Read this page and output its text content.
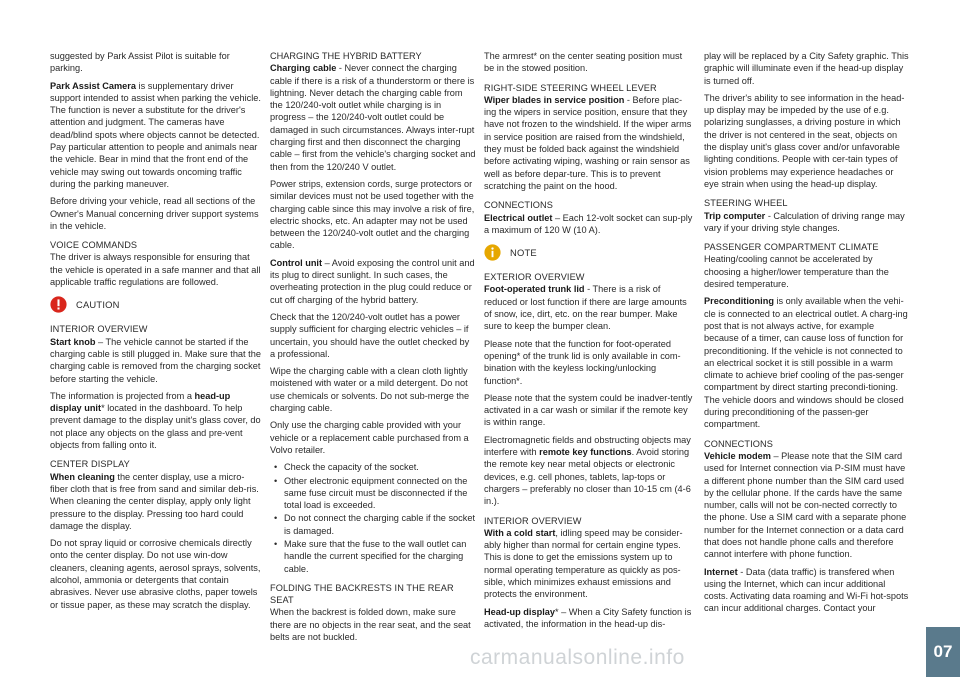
suggested by Park Assist Pilot is suitable for parking.

Park Assist Camera is supplementary driver support intended to assist when parking the vehicle. The function is never a substitute for the driver's attention and judgment. The cameras have dead/blind spots where objects cannot be detected. Pay particular attention to people and animals near the vehicle. Bear in mind that the front end of the vehicle may swing out towards oncoming traffic during the parking maneuver.

Before driving your vehicle, read all sections of the Owner's Manual concerning driver support systems in the vehicle.

VOICE COMMANDS

The driver is always responsible for ensuring that the vehicle is operated in a safe manner and that all applicable traffic regulations are followed.

CAUTION
INTERIOR OVERVIEW

Start knob – The vehicle cannot be started if the charging cable is still plugged in. Make sure that the charging cable is removed from the charging socket before starting the vehicle.

The information is projected from a head-up display unit* located in the dashboard. To help prevent damage to the display unit's glass cover, do not place any objects on the glass and pre-vent objects from falling onto it.

CENTER DISPLAY

When cleaning the center display, use a micro-fiber cloth that is free from sand and similar deb-ris. When cleaning the center display, apply only light pressure to the display. Pressing too hard could damage the display.

Do not spray liquid or corrosive chemicals directly onto the center display. Do not use win-dow cleaners, cleaning agents, aerosol sprays, solvents, alcohol, ammonia or detergents that contain abrasives. Never use abrasive cloths, paper towels or tissue paper, as these may scratch the display.

CHARGING THE HYBRID BATTERY

Charging cable - Never connect the charging cable if there is a risk of a thunderstorm or there is lightning. Never detach the charging cable from the 120/240-volt outlet while charging is in progress – the 120/240-volt outlet could be damaged in such circumstances. Always inter-rupt charging first and then disconnect the charging cable – first from the vehicle's charging socket and then from the 120/240 V outlet.

Power strips, extension cords, surge protectors or similar devices must not be used together with the charging cable since this may involve a risk of fire, electric shocks, etc. An adapter may not be used between the 120/240-volt outlet and the charging cable.

Control unit – Avoid exposing the control unit and its plug to direct sunlight. In such cases, the overheating protection in the plug could reduce or cut off charging of the hybrid battery.

Check that the 120/240-volt outlet has a power supply sufficient for charging electric vehicles – if uncertain, you should have the outlet checked by a professional.

Wipe the charging cable with a clean cloth lightly moistened with water or a mild detergent. Do not use chemicals or solvents. Do not sub-merge the charging cable.

Only use the charging cable provided with your vehicle or a replacement cable purchased from a Volvo retailer.

• Check the capacity of the socket.
• Other electronic equipment connected on the same fuse circuit must be disconnected if the total load is exceeded.
• Do not connect the charging cable if the socket is damaged.
• Make sure that the fuse to the wall outlet can handle the current specified for the charging cable.
FOLDING THE BACKRESTS IN THE REAR SEAT

When the backrest is folded down, make sure there are no objects in the rear seat, and the seat belts are not buckled.

The armrest* on the center seating position must be in the stowed position.

RIGHT-SIDE STEERING WHEEL LEVER

Wiper blades in service position - Before plac-ing the wipers in service position, ensure that they have not frozen to the windshield. If the wiper arms in service position are raised from the windshield, they must be folded back against the windshield before activating wiping, washing or rain sensor as well as before depar-ture. This is to prevent scratching the paint on the hood.

CONNECTIONS

Electrical outlet – Each 12-volt socket can sup-ply a maximum of 120 W (10 A).

NOTE
EXTERIOR OVERVIEW

Foot-operated trunk lid - There is a risk of reduced or lost function if there are large amounts of snow, ice, dirt, etc. on the rear bumper. Make sure to keep the bumper clean.

Please note that the function for foot-operated opening* of the trunk lid is only available in com-bination with the keyless locking/unlocking function*.

Please note that the system could be inadver-tently activated in a car wash or similar if the remote key is within range.

Electromagnetic fields and obstructing objects may interfere with remote key functions. Avoid storing the remote key near metal objects or electronic devices, e.g. cell phones, tablets, lap-tops or chargers – preferably no closer than 10-15 cm (4-6 in.).

INTERIOR OVERVIEW

With a cold start, idling speed may be consider-ably higher than normal for certain engine types. This is done to get the emissions system up to normal operating temperature as quickly as pos-sible, which minimizes exhaust emissions and protects the environment.

Head-up display* – When a City Safety function is activated, the information in the head-up dis-

play will be replaced by a City Safety graphic. This graphic will illuminate even if the head-up display is turned off.

The driver's ability to see information in the head-up display may be impeded by the use of e.g. polarizing sunglasses, a driving posture in which the driver is not centered in the seat, objects on the display unit's glass cover and/or unfavorable lighting conditions. People with cer-tain types of vision problems may experience headaches or eye strain when using the head-up display.

STEERING WHEEL

Trip computer - Calculation of driving range may vary if your driving style changes.

PASSENGER COMPARTMENT CLIMATE

Heating/cooling cannot be accelerated by choosing a higher/lower temperature than the desired temperature.

Preconditioning is only available when the vehi-cle is connected to an electrical outlet. A charg-ing post that is not always active, for example because of a timer, can cause loss of function for preconditioning. If the vehicle is not connected to an electrical socket it is still possible in a warm climate to achieve brief cooling of the pas-senger compartment by direct starting precondi-tioning. The vehicle doors and windows should be closed during preconditioning of the passen-ger compartment.

CONNECTIONS

Vehicle modem – Please note that the SIM card used for Internet connection via P-SIM must have a different phone number than the SIM card used by the cellular phone. If the cards have the same number, calls will not be con-nected correctly to the phone. Use a SIM card with a separate phone number for the Internet connection or a data card that does not handle phone calls and therefore cannot interfere with phone function.

Internet - Data (data traffic) is transfered when using the Internet, which can incur additional costs. Activating data roaming and Wi-Fi hot-spots can incur additional charges. Contact your

carmanualsonline.info	07
